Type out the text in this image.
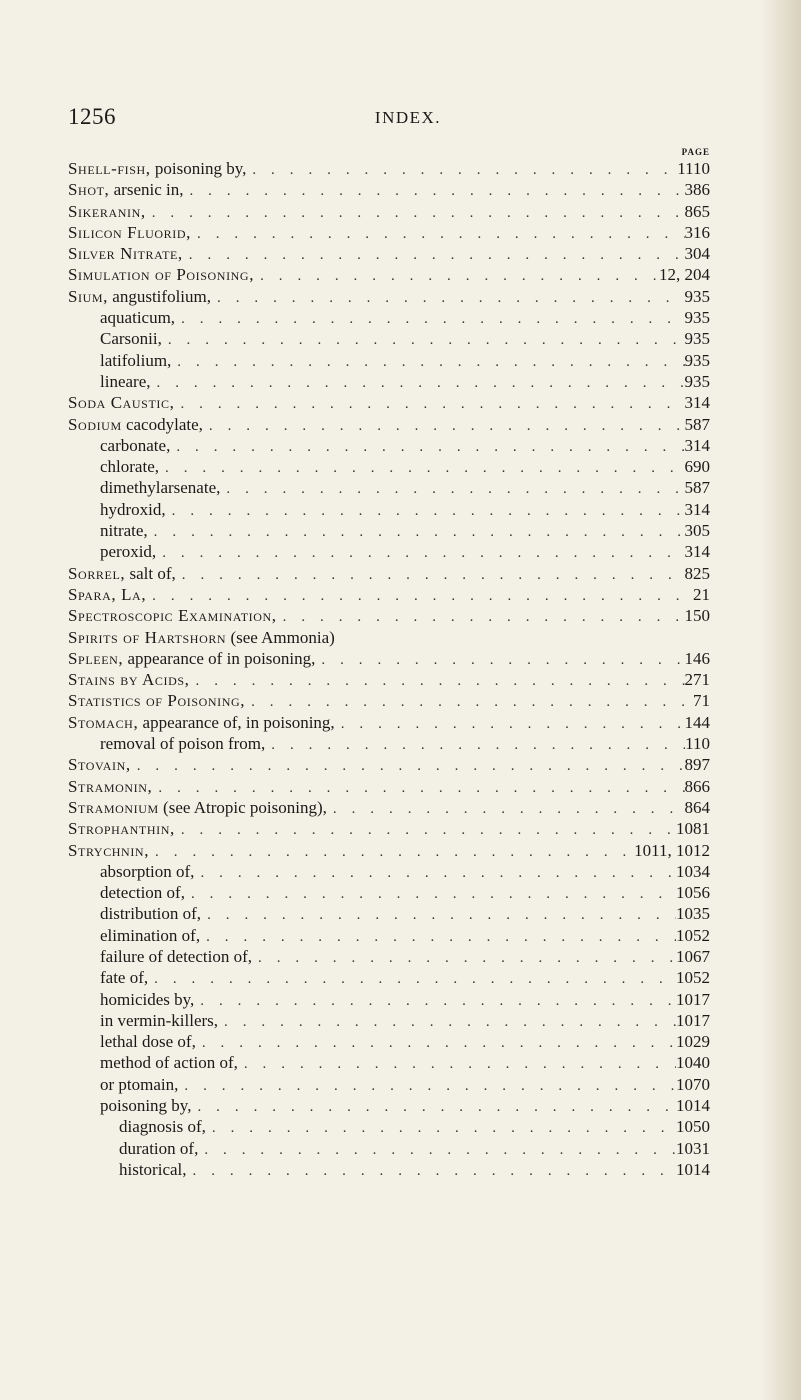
1256	INDEX.
PAGE
Shell-fish, poisoning by, . . .	1110
Shot, arsenic in, . . .	386
Sikeranin, . . .	865
Silicon Fluorid, . . .	316
Silver Nitrate, . . .	304
Simulation of Poisoning, . . .	12, 204
Sium, angustifolium, . . .	935
aquaticum, . . .	935
Carsonii, . . .	935
latifolium, . . .	935
lineare, . . .	935
Soda Caustic, . . .	314
Sodium cacodylate, . . .	587
carbonate, . . .	314
chlorate, . . .	690
dimethylarsenate, . . .	587
hydroxid, . . .	314
nitrate, . . .	305
peroxid, . . .	314
Sorrel, salt of, . . .	825
Spara, La, . . .	21
Spectroscopic Examination, . . .	150
Spirits of Hartshorn (see Ammonia)
Spleen, appearance of in poisoning, . . .	146
Stains by Acids, . . .	271
Statistics of Poisoning, . . .	71
Stomach, appearance of, in poisoning, . . .	144
removal of poison from, . . .	110
Stovain, . . .	897
Stramonin, . . .	866
Stramonium (see Atropic poisoning), . . .	864
Strophanthin, . . .	1081
Strychnin, . . .	1011, 1012
absorption of, . . .	1034
detection of, . . .	1056
distribution of, . . .	1035
elimination of, . . .	1052
failure of detection of, . . .	1067
fate of, . . .	1052
homicides by, . . .	1017
in vermin-killers, . . .	1017
lethal dose of, . . .	1029
method of action of, . . .	1040
or ptomain, . . .	1070
poisoning by, . . .	1014
diagnosis of, . . .	1050
duration of, . . .	1031
historical, . . .	1014
